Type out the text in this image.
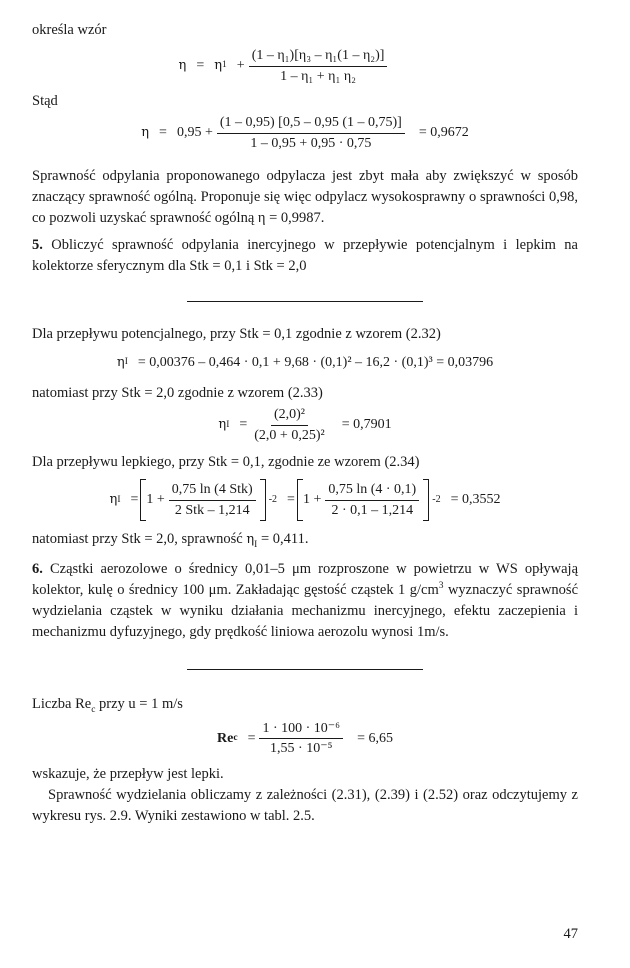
określa wzór

η = η $1 + \frac{\text{(1 – η₁)[η₃ – η₁(1 – η₂)]}}{\text{1 – η₁ + η₁ η₂}}$

Stąd

$\eta = 0,95 + \frac{(1 - 0,95) [0,5 - 0,95 (1 - 0,75)]}{1 - 0,95 + 0,95 \cdot 0,75} = 0,9672$

Sprawność odpylania proponowanego odpylacza jest zbyt mała aby zwiększyć w sposób znaczący sprawność ogólną. Proponuje się więc odpylacz wysokosprawny o sprawności 0,98, co pozwoli uzyskać sprawność ogólną η = 0,9987.

5. Obliczyć sprawność odpylania inercyjnego w przepływie potencjalnym i lepkim na kolektorze sferycznym dla Stk = 0,1 i Stk = 2,0

Dla przepływu potencjalnego, przy Stk = 0,1 zgodnie z wzorem (2.32)

η I = 0,00376 – 0,464 · 0,1 + 9,68 · (0,1)² – 16,2 · (0,1)³ = 0,03796

natomiast przy Stk = 2,0 zgodnie z wzorem (2.33)

η $I = \frac{\text{(2,0)²}}{\text{(2,0 + 0,25)²}} = 0,7901$

Dla przepływu lepkiego, przy Stk = 0,1, zgodnie ze wzorem (2.34)

η $I = 1 + \frac{\text{0,75 ln (4 Stk)}}{\text{2 Stk – 1,214}} -2 = 1 + \frac{0,75 \ln (4 \cdot 0,1)}{2 \cdot 0,1 - 1,214} -2 = 0,3552$

natomiast przy Stk = 2,0, sprawność $\eta_I = 0,411$.

6. Cząstki aerozolowe o średnicy 0,01–5 μm rozproszone w powietrzu w WS opływają kolektor, kulę o średnicy 100 μm. Zakładając gęstość cząstek 1 $g/cm^3$ wyznaczyć sprawność wydzielania cząstek w wyniku działania mechanizmu inercyjnego, efektu zaczepienia i mechanizmu dyfuzyjnego, gdy prędkość liniowa aerozolu wynosi 1m/s.

Liczba $Re_c$ przy u = 1 m/s

Re $c = \frac{\text{1 · 100 · 10⁻⁶}}{\text{1,55 · 10⁻⁵}} = 6,65$

wskazuje, że przepływ jest lepki.

Sprawność wydzielania obliczamy z zależności (2.31), (2.39) i (2.52) oraz odczytujemy z wykresu rys. 2.9. Wyniki zestawiono w tabl. 2.5.

47
